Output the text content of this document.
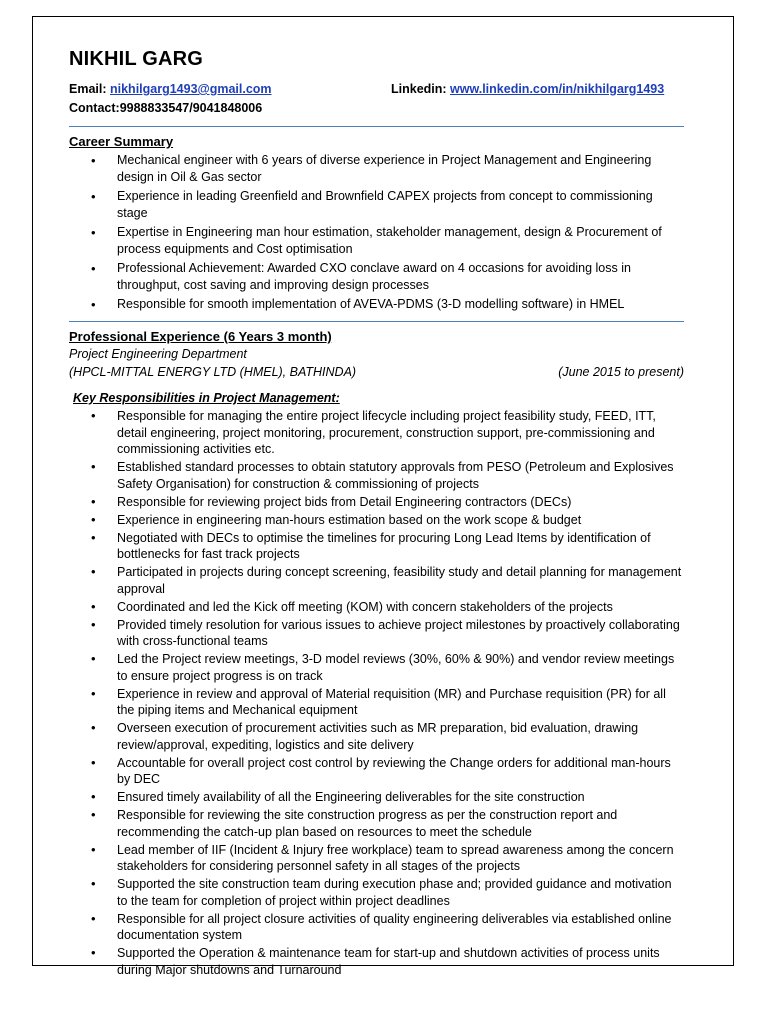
NIKHIL GARG
Email: nikhilgarg1493@gmail.com	Linkedin: www.linkedin.com/in/nikhilgarg1493
Contact: 9988833547/9041848006
Career Summary
• Mechanical engineer with 6 years of diverse experience in Project Management and Engineering design in Oil & Gas sector
• Experience in leading Greenfield and Brownfield CAPEX projects from concept to commissioning stage
• Expertise in Engineering man hour estimation, stakeholder management, design & Procurement of process equipments and Cost optimisation
• Professional Achievement: Awarded CXO conclave award on 4 occasions for avoiding loss in throughput, cost saving and improving design processes
• Responsible for smooth implementation of AVEVA-PDMS (3-D modelling software) in HMEL
Professional Experience (6 Years 3 month)
Project Engineering Department
(HPCL-MITTAL ENERGY LTD (HMEL), BATHINDA)	(June 2015 to present)
Key Responsibilities in Project Management:
• Responsible for managing the entire project lifecycle including project feasibility study, FEED, ITT, detail engineering, project monitoring, procurement, construction support, pre-commissioning and commissioning activities etc.
• Established standard processes to obtain statutory approvals from PESO (Petroleum and Explosives Safety Organisation) for construction & commissioning of projects
• Responsible for reviewing project bids from Detail Engineering contractors (DECs)
• Experience in engineering man-hours estimation based on the work scope & budget
• Negotiated with DECs to optimise the timelines for procuring Long Lead Items by identification of bottlenecks for fast track projects
• Participated in projects during concept screening, feasibility study and detail planning for management approval
• Coordinated and led the Kick off meeting (KOM) with concern stakeholders of the projects
• Provided timely resolution for various issues to achieve project milestones by proactively collaborating with cross-functional teams
• Led the Project review meetings, 3-D model reviews (30%, 60% & 90%) and vendor review meetings to ensure project progress is on track
• Experience in review and approval of Material requisition (MR) and Purchase requisition (PR) for all the piping items and Mechanical equipment
• Overseen execution of procurement activities such as MR preparation, bid evaluation, drawing review/approval, expediting, logistics and site delivery
• Accountable for overall project cost control by reviewing the Change orders for additional man-hours by DEC
• Ensured timely availability of all the Engineering deliverables for the site construction
• Responsible for reviewing the site construction progress as per the construction report and recommending the catch-up plan based on resources to meet the schedule
• Lead member of IIF (Incident & Injury free workplace) team to spread awareness among the concern stakeholders for considering personnel safety in all stages of the projects
• Supported the site construction team during execution phase and; provided guidance and motivation to the team for completion of project within project deadlines
• Responsible for all project closure activities of quality engineering deliverables via established online documentation system
• Supported the Operation & maintenance team for start-up and shutdown activities of process units during Major shutdowns and Turnaround
